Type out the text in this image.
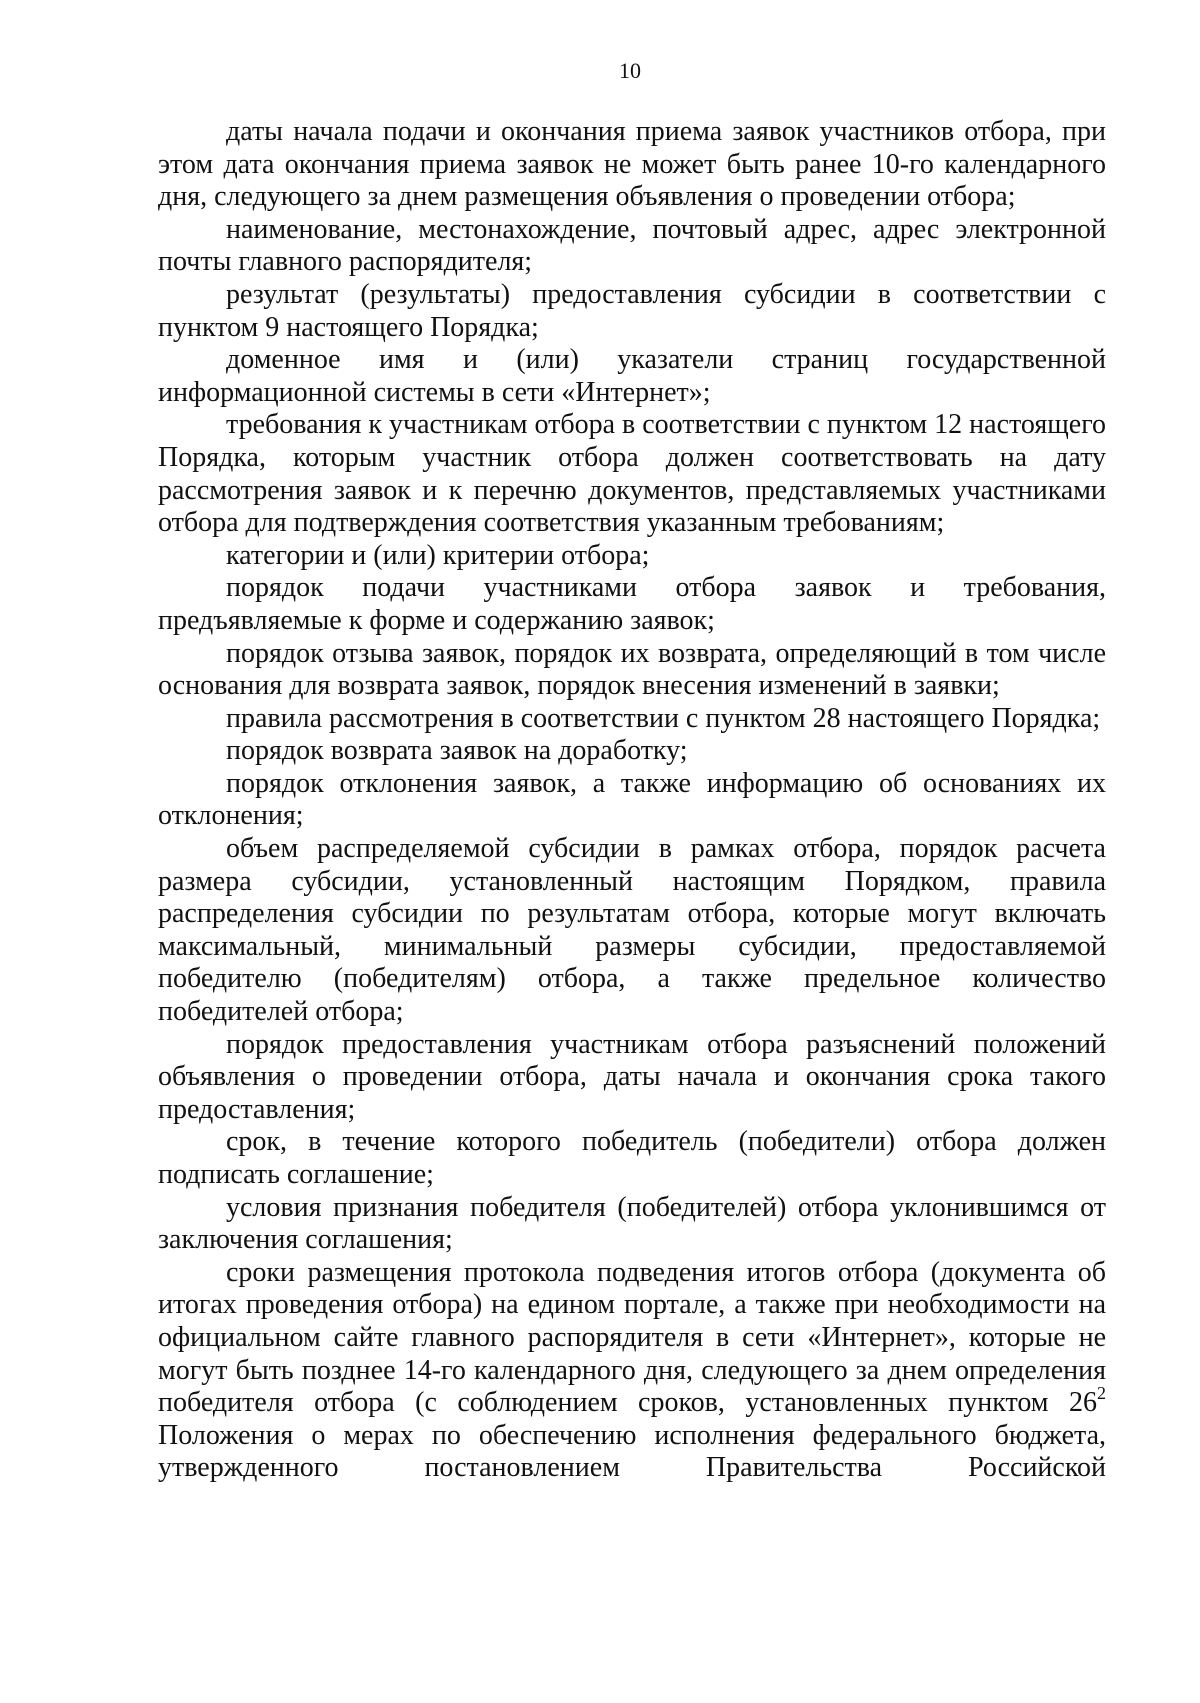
10

даты начала подачи и окончания приема заявок участников отбора, при этом дата окончания приема заявок не может быть ранее 10-го календарного дня, следующего за днем размещения объявления о проведении отбора;

наименование, местонахождение, почтовый адрес, адрес электронной почты главного распорядителя;

результат (результаты) предоставления субсидии в соответствии с пунктом 9 настоящего Порядка;

доменное имя и (или) указатели страниц государственной информационной системы в сети «Интернет»;

требования к участникам отбора в соответствии с пунктом 12 настоящего Порядка, которым участник отбора должен соответствовать на дату рассмотрения заявок и к перечню документов, представляемых участниками отбора для подтверждения соответствия указанным требованиям;

категории и (или) критерии отбора;

порядок подачи участниками отбора заявок и требования, предъявляемые к форме и содержанию заявок;

порядок отзыва заявок, порядок их возврата, определяющий в том числе основания для возврата заявок, порядок внесения изменений в заявки;

правила рассмотрения в соответствии с пунктом 28 настоящего Порядка;

порядок возврата заявок на доработку;

порядок отклонения заявок, а также информацию об основаниях их отклонения;

объем распределяемой субсидии в рамках отбора, порядок расчета размера субсидии, установленный настоящим Порядком, правила распределения субсидии по результатам отбора, которые могут включать максимальный, минимальный размеры субсидии, предоставляемой победителю (победителям) отбора, а также предельное количество победителей отбора;

порядок предоставления участникам отбора разъяснений положений объявления о проведении отбора, даты начала и окончания срока такого предоставления;

срок, в течение которого победитель (победители) отбора должен подписать соглашение;

условия признания победителя (победителей) отбора уклонившимся от заключения соглашения;

сроки размещения протокола подведения итогов отбора (документа об итогах проведения отбора) на едином портале, а также при необходимости на официальном сайте главного распорядителя в сети «Интернет», которые не могут быть позднее 14-го календарного дня, следующего за днем определения победителя отбора (с соблюдением сроков, установленных пунктом $26^2$ Положения о мерах по обеспечению исполнения федерального бюджета, утвержденного постановлением Правительства Российской
